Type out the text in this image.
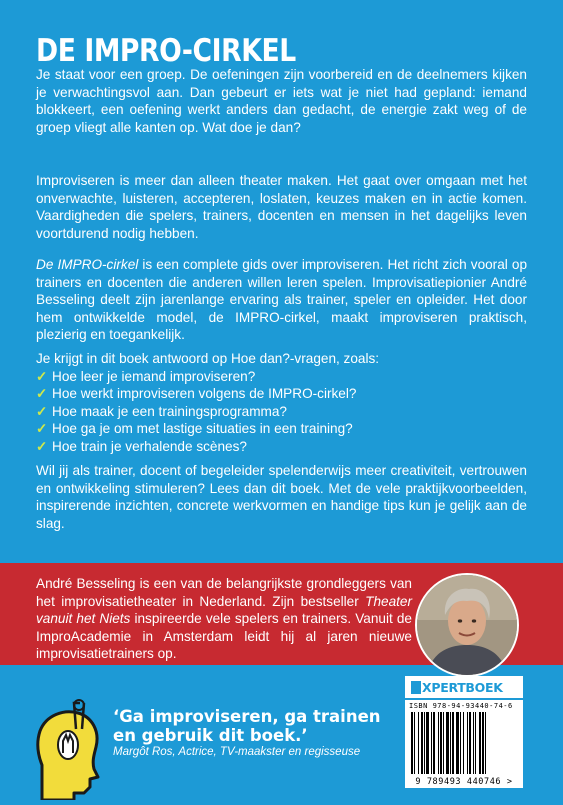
DE IMPRO-CIRKEL

Je staat voor een groep. De oefeningen zijn voorbereid en de deelnemers kijken je verwachtingsvol aan. Dan gebeurt er iets wat je niet had gepland: iemand blokkeert, een oefening werkt anders dan gedacht, de energie zakt weg of de groep vliegt alle kanten op. Wat doe je dan?

Improviseren is meer dan alleen theater maken. Het gaat over omgaan met het onverwachte, luisteren, accepteren, loslaten, keuzes maken en in actie komen. Vaardigheden die spelers, trainers, docenten en mensen in het dagelijks leven voortdurend nodig hebben.

De IMPRO-cirkel is een complete gids over improviseren. Het richt zich vooral op trainers en docenten die anderen willen leren spelen. Improvisatiepionier André Besseling deelt zijn jarenlange ervaring als trainer, speler en opleider. Het door hem ontwikkelde model, de IMPRO-cirkel, maakt improviseren praktisch, plezierig en toegankelijk.

Je krijgt in dit boek antwoord op Hoe dan?-vragen, zoals:

✓ Hoe leer je iemand improviseren?
✓ Hoe werkt improviseren volgens de IMPRO-cirkel?
✓ Hoe maak je een trainingsprogramma?
✓ Hoe ga je om met lastige situaties in een training?
✓ Hoe train je verhalende scènes?

Wil jij als trainer, docent of begeleider spelenderwijs meer creativiteit, vertrouwen en ontwikkeling stimuleren? Lees dan dit boek. Met de vele praktijkvoorbeelden, inspirerende inzichten, concrete werkvormen en handige tips kun je gelijk aan de slag.

André Besseling is een van de belangrijkste grondleggers van het improvisatietheater in Nederland. Zijn bestseller Theater vanuit het Niets inspireerde vele spelers en trainers. Vanuit de ImproAcademie in Amsterdam leidt hij al jaren nieuwe improvisatietrainers op.
XPERTBOEK
ISBN 978-94-93440-74-6
9 789493 440746 >
‘Ga improviseren, ga trainen
en gebruik dit boek.’
Margôt Ros, Actrice, TV-maakster en regisseuse
